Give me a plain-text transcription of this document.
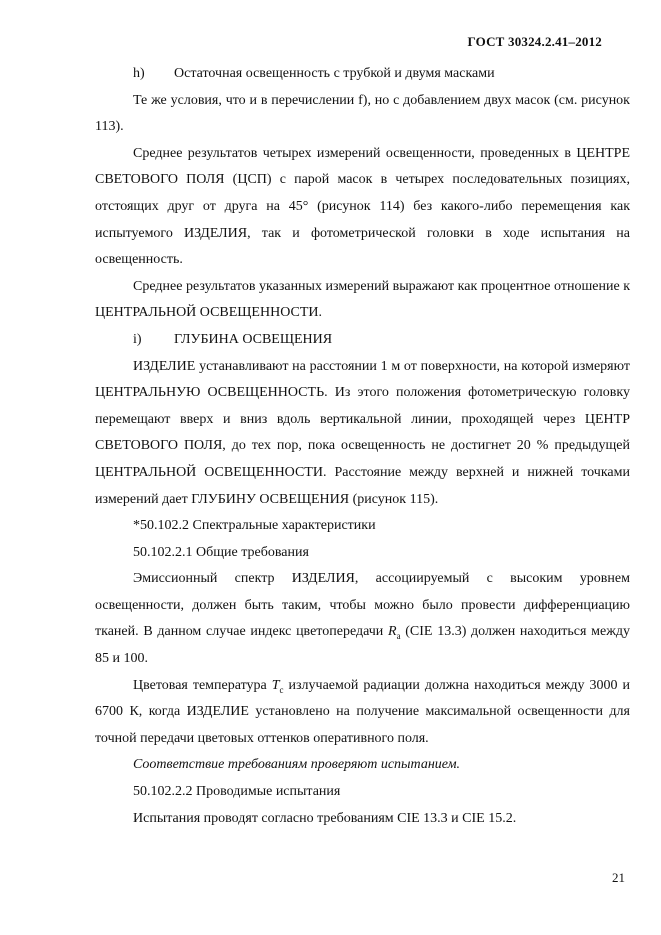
ГОСТ 30324.2.41–2012
h)	Остаточная освещенность с трубкой и двумя масками

Те же условия, что и в перечислении f), но с добавлением двух масок (см. рисунок 113).

Среднее результатов четырех измерений освещенности, проведенных в ЦЕНТРЕ СВЕТОВОГО ПОЛЯ (ЦСП) с парой масок в четырех последовательных позициях, отстоящих друг от друга на 45° (рисунок 114) без какого-либо перемещения как испытуемого ИЗДЕЛИЯ, так и фотометрической головки в ходе испытания на освещенность.

Среднее результатов указанных измерений выражают как процентное отношение к ЦЕНТРАЛЬНОЙ ОСВЕЩЕННОСТИ.

i)	ГЛУБИНА ОСВЕЩЕНИЯ

ИЗДЕЛИЕ устанавливают на расстоянии 1 м от поверхности, на которой измеряют ЦЕНТРАЛЬНУЮ ОСВЕЩЕННОСТЬ. Из этого положения фотометрическую головку перемещают вверх и вниз вдоль вертикальной линии, проходящей через ЦЕНТР СВЕТОВОГО ПОЛЯ, до тех пор, пока освещенность не достигнет 20 % предыдущей ЦЕНТРАЛЬНОЙ ОСВЕЩЕННОСТИ. Расстояние между верхней и нижней точками измерений дает ГЛУБИНУ ОСВЕЩЕНИЯ (рисунок 115).

*50.102.2 Спектральные характеристики

50.102.2.1 Общие требования

Эмиссионный спектр ИЗДЕЛИЯ, ассоциируемый с высоким уровнем освещенности, должен быть таким, чтобы можно было провести дифференциацию тканей. В данном случае индекс цветопередачи $R_a$ (CIE 13.3) должен находиться между 85 и 100.

Цветовая температура $T_c$ излучаемой радиации должна находиться между 3000 и 6700 К, когда ИЗДЕЛИЕ установлено на получение максимальной освещенности для точной передачи цветовых оттенков оперативного поля.

Соответствие требованиям проверяют испытанием.

50.102.2.2 Проводимые испытания

Испытания проводят согласно требованиям CIE 13.3 и CIE 15.2.

21
